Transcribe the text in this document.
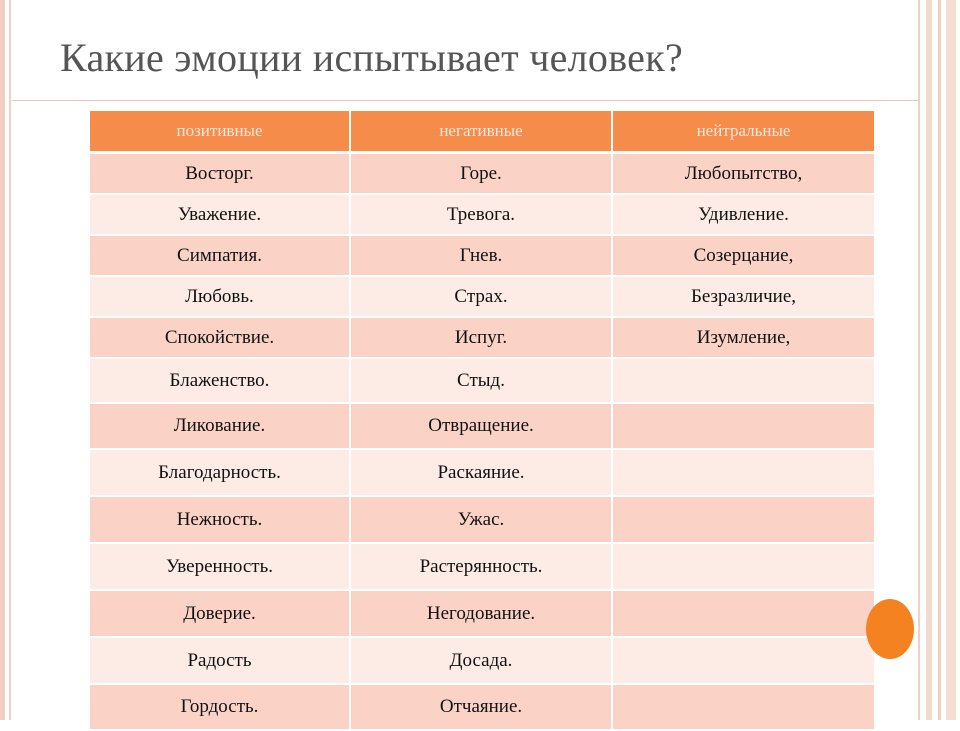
Какие эмоции испытывает человек?
позитивные	негативные	нейтральные
Восторг.	Горе.	Любопытство,
Уважение.	Тревога.	Удивление.
Симпатия.	Гнев.	Созерцание,
Любовь.	Страх.	Безразличие,
Спокойствие.	Испуг.	Изумление,
Блаженство.	Стыд.	
Ликование.	Отвращение.	
Благодарность.	Раскаяние.	
Нежность.	Ужас.	
Уверенность.	Растерянность.	
Доверие.	Негодование.	
Радость	Досада.	
Гордость.	Отчаяние.	
